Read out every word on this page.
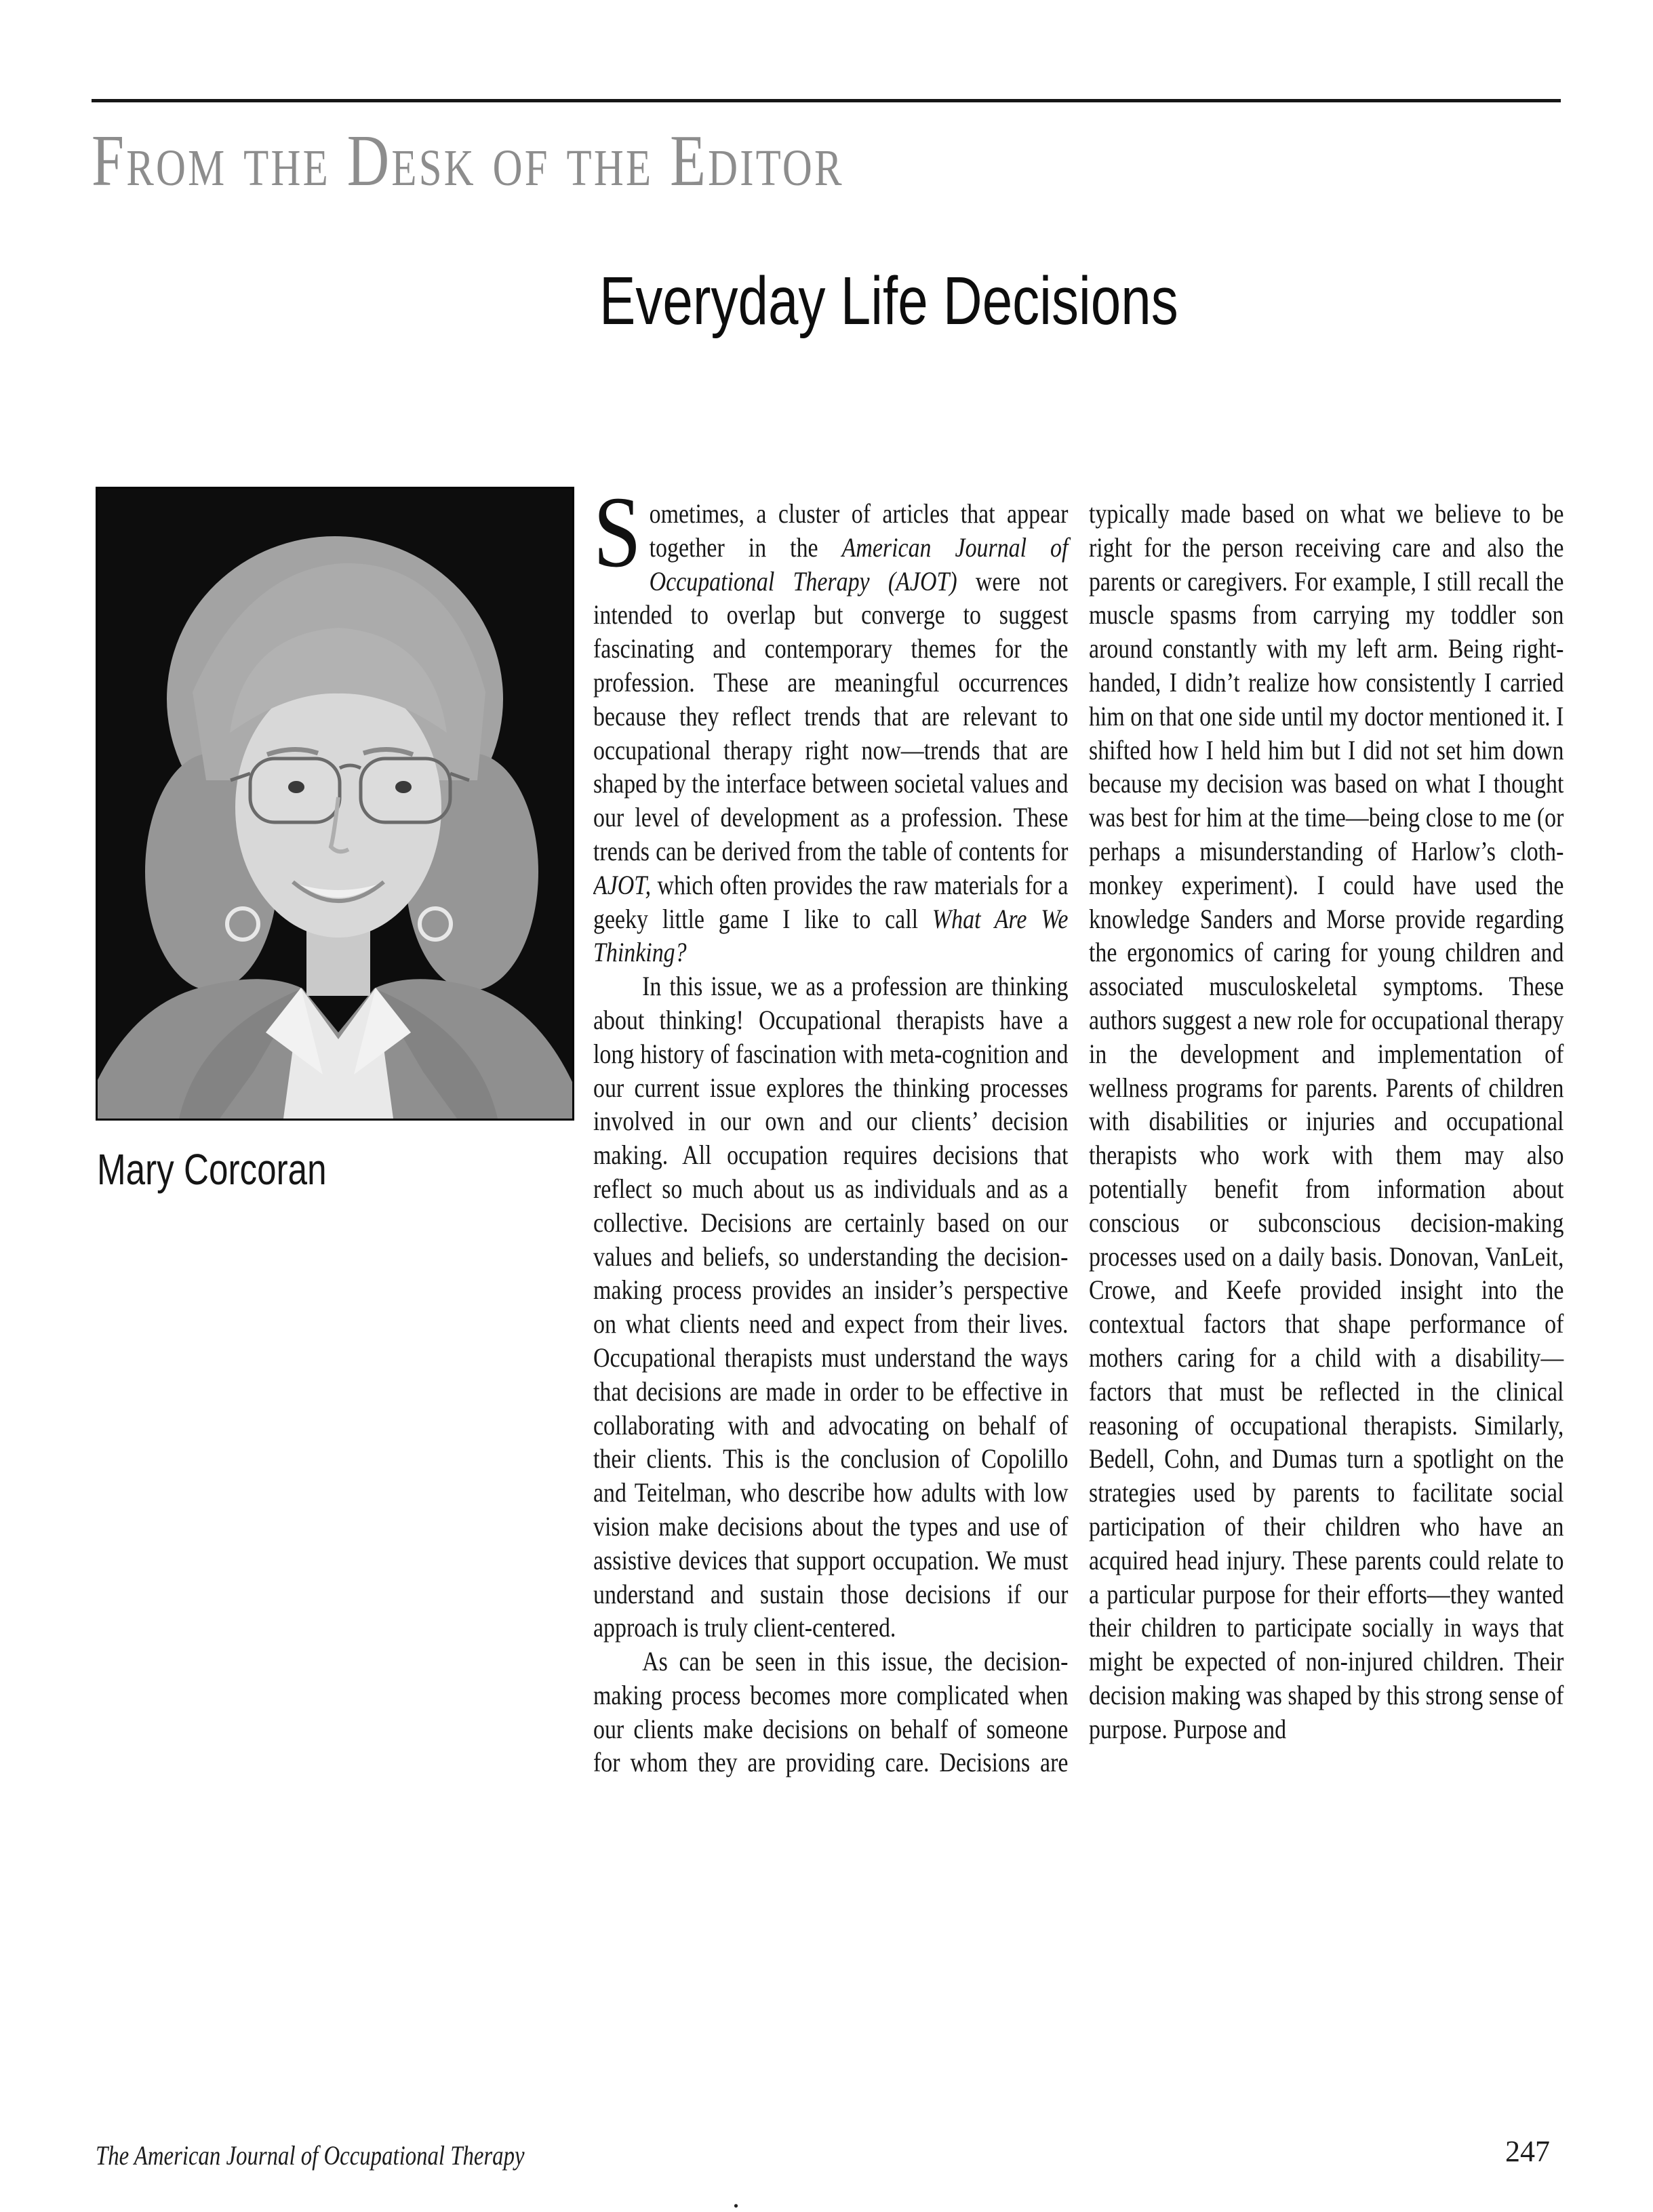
From the Desk of the Editor
Everyday Life Decisions
Mary Corcoran

Sometimes, a cluster of articles that appear together in the American Journal of Occupational Therapy (AJOT) were not intended to overlap but converge to suggest fascinating and contemporary themes for the profession. These are meaningful occurrences because they reflect trends that are relevant to occupational therapy right now—trends that are shaped by the interface between societal values and our level of development as a profession. These trends can be derived from the table of contents for AJOT, which often provides the raw materials for a geeky little game I like to call What Are We Thinking?

In this issue, we as a profession are thinking about thinking! Occupational therapists have a long history of fascination with meta-cognition and our current issue explores the thinking processes involved in our own and our clients’ decision making. All occupation requires decisions that reflect so much about us as individuals and as a collective. Decisions are certainly based on our values and beliefs, so understanding the decision-making process provides an insider’s perspective on what clients need and expect from their lives. Occupational therapists must understand the ways that decisions are made in order to be effective in collaborating with and advocating on behalf of their clients. This is the conclusion of Copolillo and Teitelman, who describe how adults with low vision make decisions about the types and use of assistive devices that support occupation. We must understand and sustain those decisions if our approach is truly client-centered.

As can be seen in this issue, the decision-making process becomes more complicated when our clients make decisions on behalf of someone for whom they are providing care. Decisions are typically made based on what we believe to be right for the person receiving care and also the parents or caregivers. For example, I still recall the muscle spasms from carrying my toddler son around constantly with my left arm. Being right-handed, I didn’t realize how consistently I carried him on that one side until my doctor mentioned it. I shifted how I held him but I did not set him down because my decision was based on what I thought was best for him at the time—being close to me (or perhaps a misunderstanding of Harlow’s cloth-monkey experiment). I could have used the knowledge Sanders and Morse provide regarding the ergonomics of caring for young children and associated musculoskeletal symptoms. These authors suggest a new role for occupational therapy in the development and implementation of wellness programs for parents. Parents of children with disabilities or injuries and occupational therapists who work with them may also potentially benefit from information about conscious or subconscious decision-making processes used on a daily basis. Donovan, VanLeit, Crowe, and Keefe provided insight into the contextual factors that shape performance of mothers caring for a child with a disability—factors that must be reflected in the clinical reasoning of occupational therapists. Similarly, Bedell, Cohn, and Dumas turn a spotlight on the strategies used by parents to facilitate social participation of their children who have an acquired head injury. These parents could relate to a particular purpose for their efforts—they wanted their children to participate socially in ways that might be expected of non-injured children. Their decision making was shaped by this strong sense of purpose. Purpose and

The American Journal of Occupational Therapy	247
.
